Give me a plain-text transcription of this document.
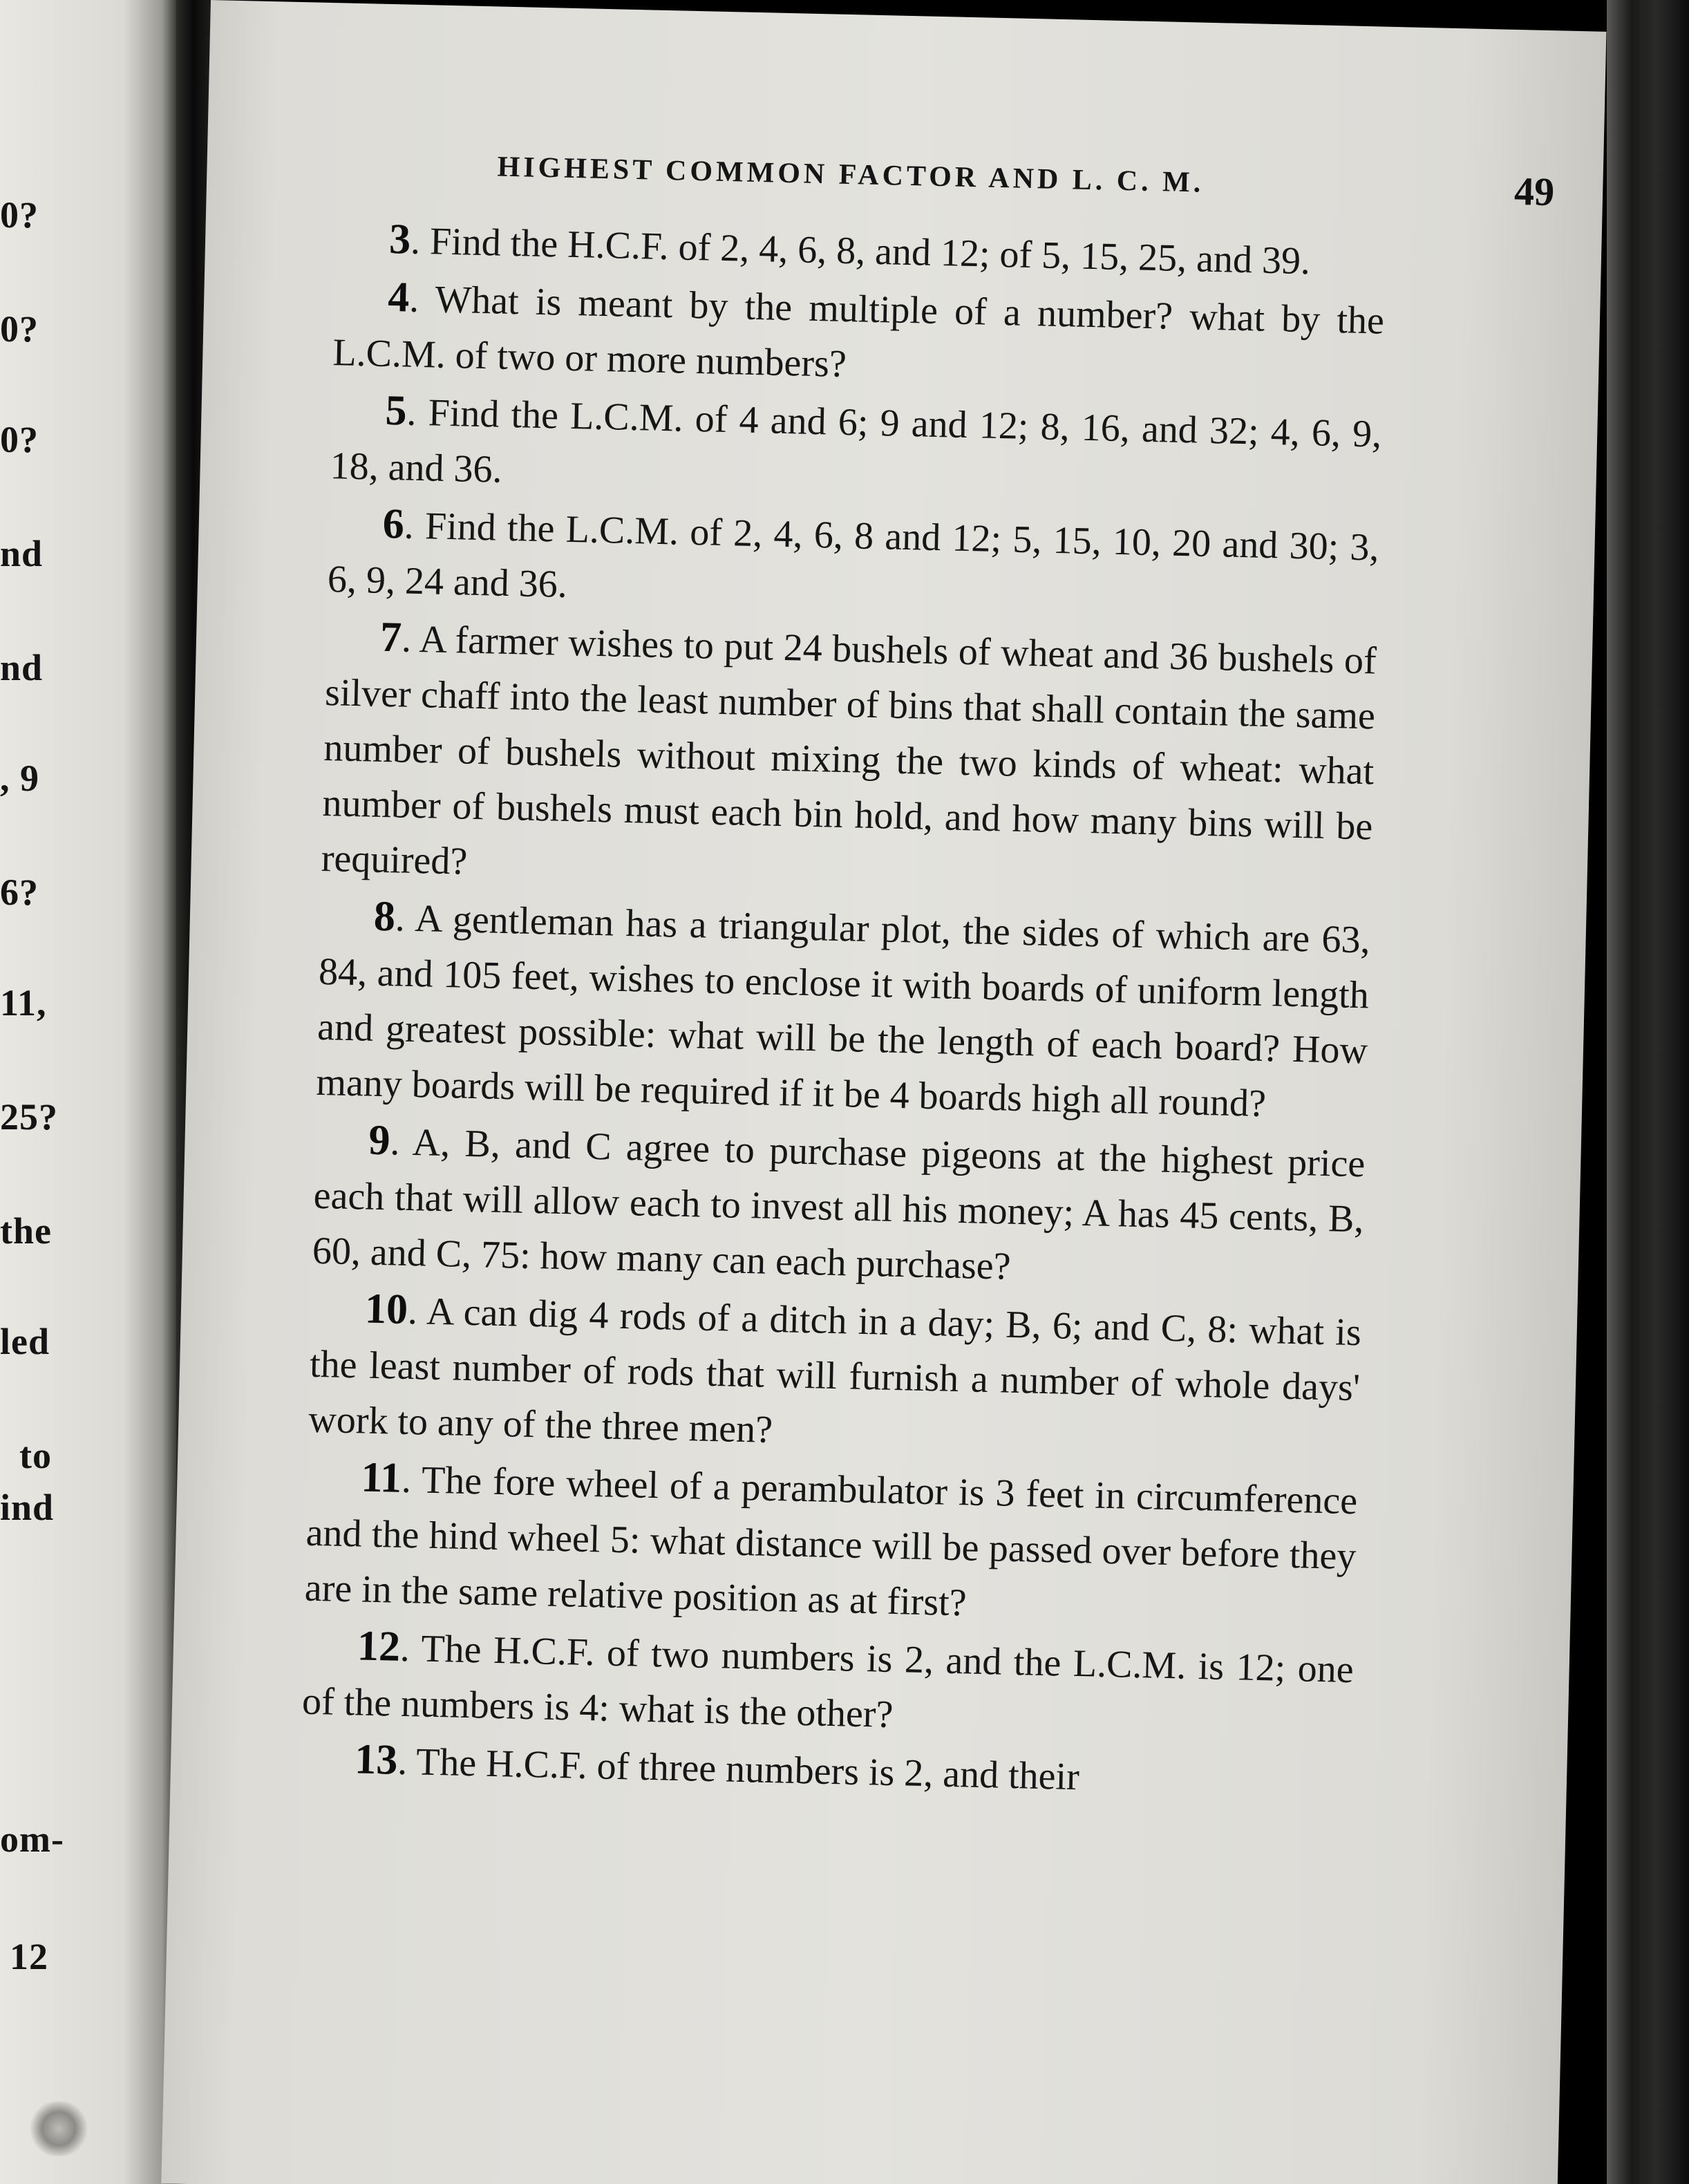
0?
0?
0?
nd
nd
, 9
6?
11,
25?
the
led
to
ind
om-
12
HIGHEST COMMON FACTOR AND L. C. M.	49

3. Find the H.C.F. of 2, 4, 6, 8, and 12; of 5, 15, 25, and 39.

4. What is meant by the multiple of a number? what by the L.C.M. of two or more numbers?

5. Find the L.C.M. of 4 and 6; 9 and 12; 8, 16, and 32; 4, 6, 9, 18, and 36.

6. Find the L.C.M. of 2, 4, 6, 8 and 12; 5, 15, 10, 20 and 30; 3, 6, 9, 24 and 36.

7. A farmer wishes to put 24 bushels of wheat and 36 bushels of silver chaff into the least number of bins that shall contain the same number of bushels without mixing the two kinds of wheat: what number of bushels must each bin hold, and how many bins will be required?

8. A gentleman has a triangular plot, the sides of which are 63, 84, and 105 feet, wishes to enclose it with boards of uniform length and greatest possible: what will be the length of each board? How many boards will be required if it be 4 boards high all round?

9. A, B, and C agree to purchase pigeons at the highest price each that will allow each to invest all his money; A has 45 cents, B, 60, and C, 75: how many can each purchase?

10. A can dig 4 rods of a ditch in a day; B, 6; and C, 8: what is the least number of rods that will furnish a number of whole days' work to any of the three men?

11. The fore wheel of a perambulator is 3 feet in circumference and the hind wheel 5: what distance will be passed over before they are in the same relative position as at first?

12. The H.C.F. of two numbers is 2, and the L.C.M. is 12; one of the numbers is 4: what is the other?

13. The H.C.F. of three numbers is 2, and their
